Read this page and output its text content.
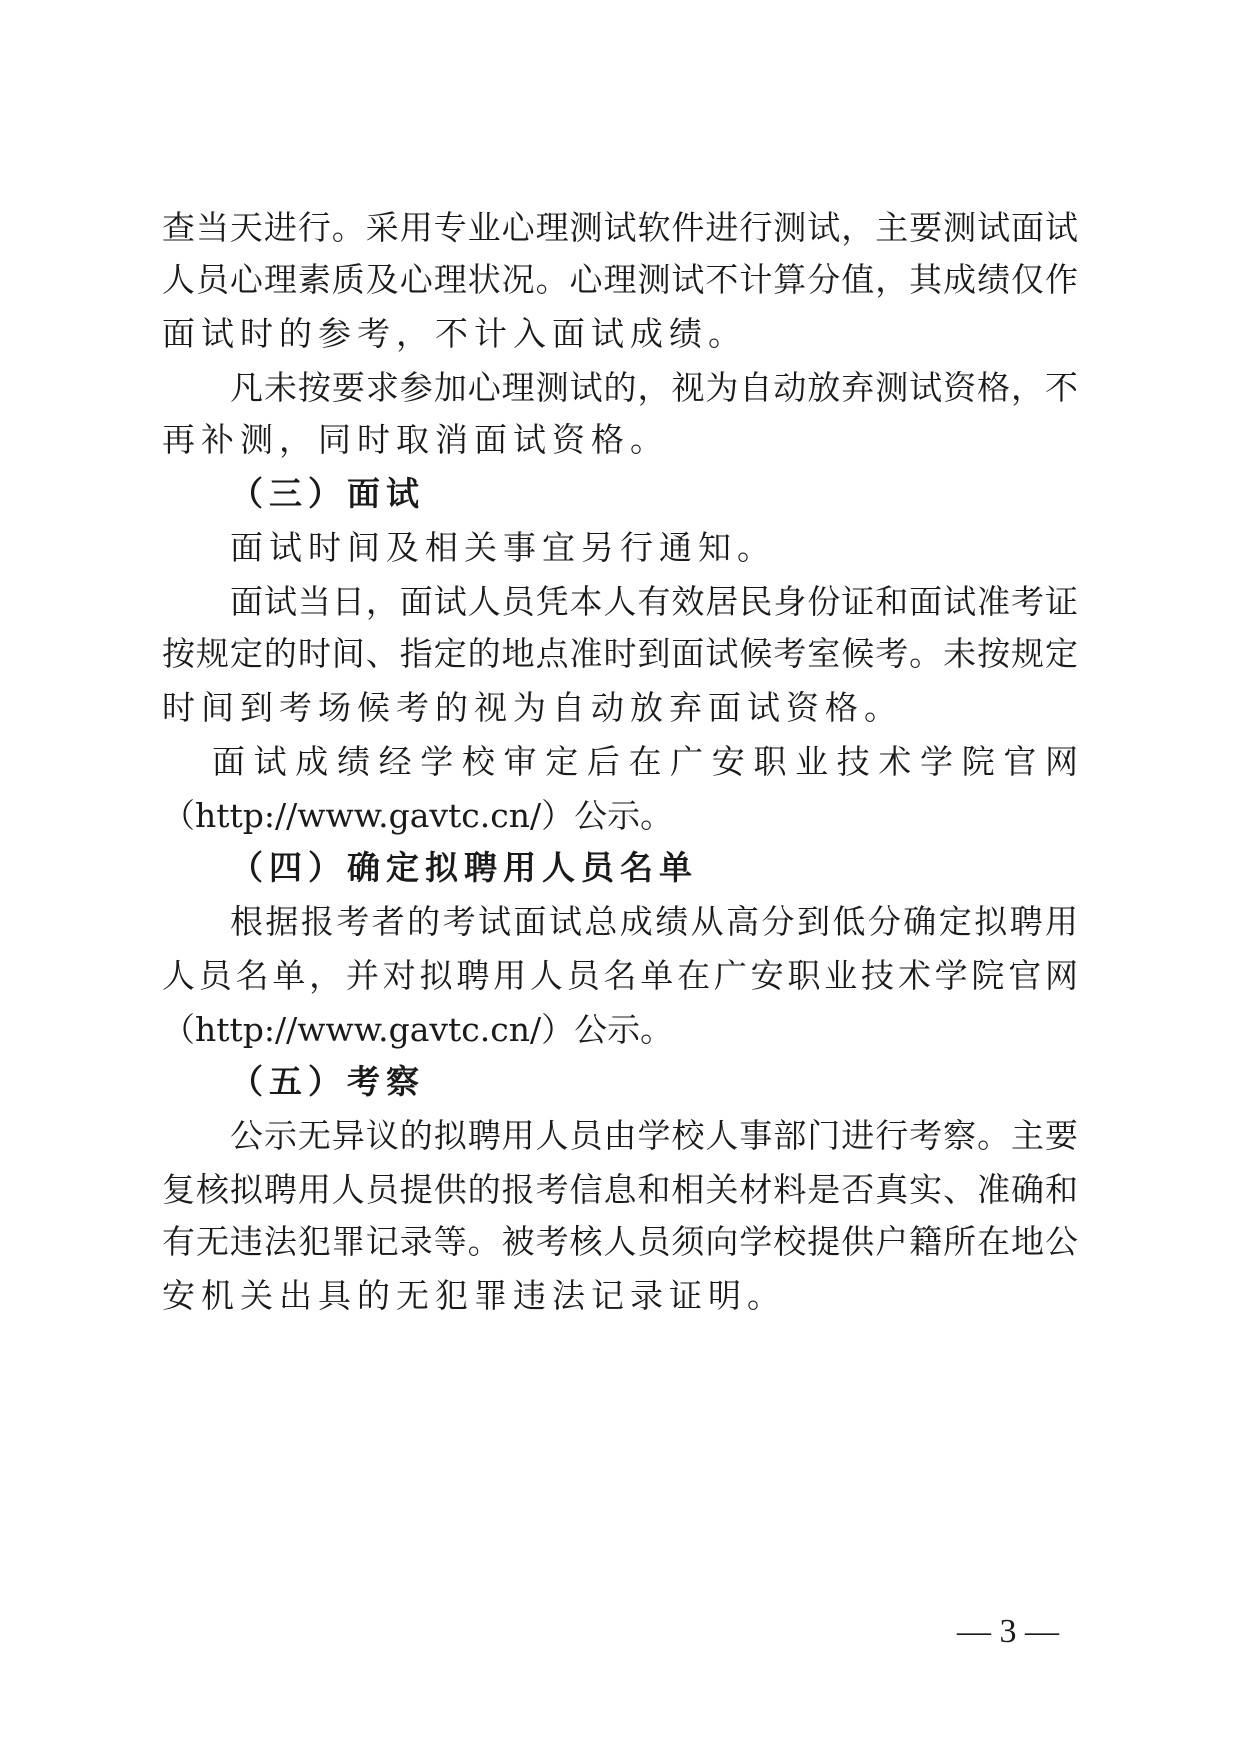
查当天进行。采用专业心理测试软件进行测试，主要测试面试
人员心理素质及心理状况。心理测试不计算分值，其成绩仅作
面试时的参考，不计入面试成绩。
凡未按要求参加心理测试的，视为自动放弃测试资格，不
再补测，同时取消面试资格。
（三）面试
面试时间及相关事宜另行通知。
面试当日，面试人员凭本人有效居民身份证和面试准考证
按规定的时间、指定的地点准时到面试候考室候考。未按规定
时间到考场候考的视为自动放弃面试资格。
面试成绩经学校审定后在广安职业技术学院官网
（http://www.gavtc.cn/）公示。
（四）确定拟聘用人员名单
根据报考者的考试面试总成绩从高分到低分确定拟聘用
人员名单，并对拟聘用人员名单在广安职业技术学院官网
（http://www.gavtc.cn/）公示。
（五）考察
公示无异议的拟聘用人员由学校人事部门进行考察。主要
复核拟聘用人员提供的报考信息和相关材料是否真实、准确和
有无违法犯罪记录等。被考核人员须向学校提供户籍所在地公
安机关出具的无犯罪违法记录证明。
— 3 —
